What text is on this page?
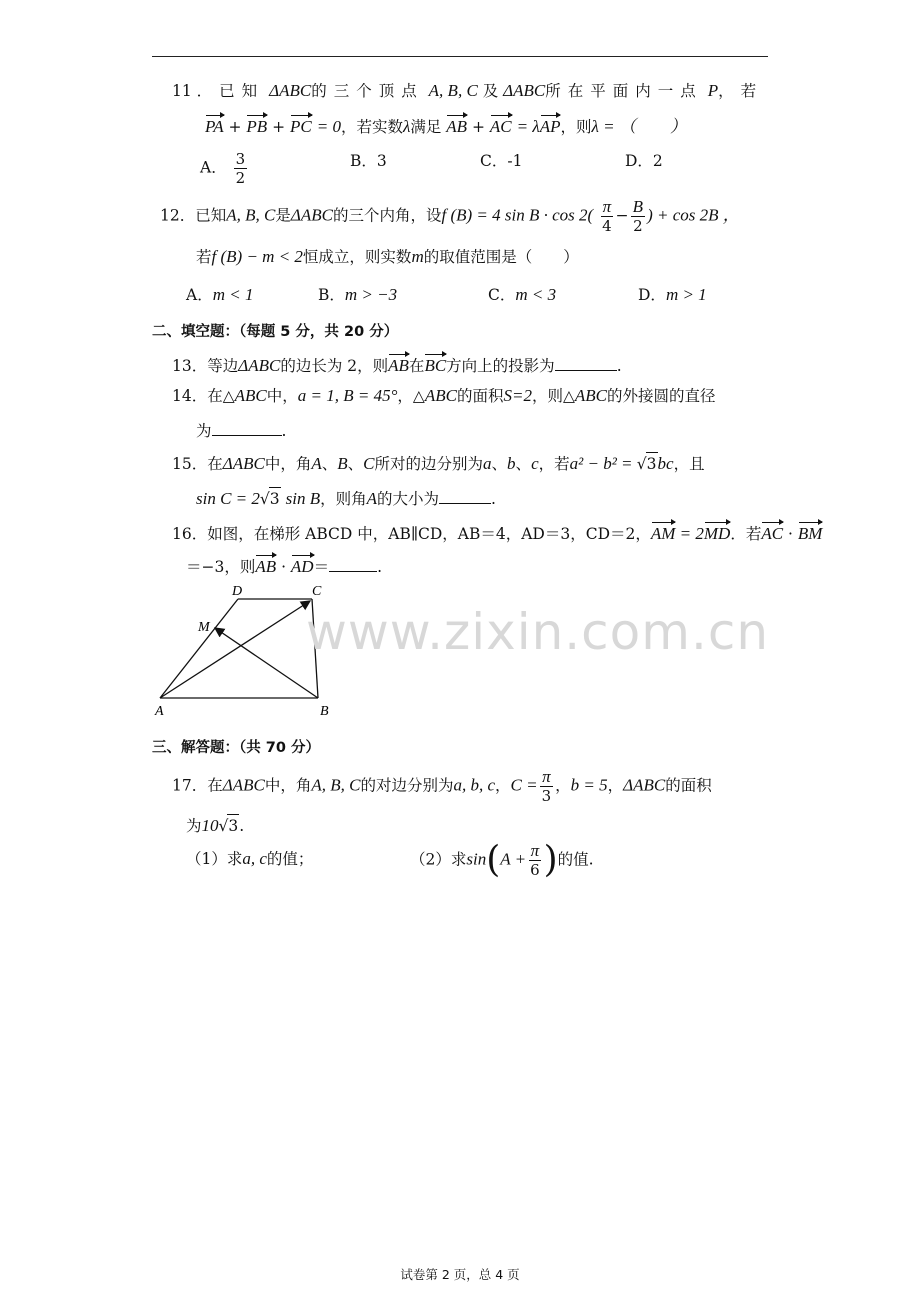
11 ．已知 ΔABC的三个顶点 A, B, C 及 ΔABC所在平面内一点 P，若
PA + PB + PC = 0，若实数λ满足 AB + AC = λAP，则λ = （　　）
A． $\frac{3}{2}$	B．3	C．-1	D．2
12．已知A, B, C是ΔABC的三个内角，设f (B) = 4 $\sin B \cdot \cos 2( \frac{\pi}{4} - \frac{B}{2}$ ) + cos 2B ，
若f (B) − m < 2恒成立，则实数m的取值范围是（　　）
A．m < 1	B．m > −3	C．m < 3	D．m > 1
二、填空题：（每题 5 分，共 20 分）
13．等边ΔABC的边长为 2，则AB在BC方向上的投影为	.
14．在△ABC中，a = 1, B = 45°，△ABC的面积S=2，则△ABC的外接圆的直径
为	.
15．在ΔABC中，角A、B、C所对的边分别为a、b、c，若a² − b² = √3bc，且
sin C = 2√3 sin B，则角A的大小为	.
16．如图，在梯形 ABCD 中，AB∥CD，AB＝4，AD＝3，CD＝2，AM = 2MD．若AC · BM
＝−3，则AB · AD＝	.
D	C
M
A	B
www.zixin.com.cn
三、解答题：（共 70 分）
17．在ΔABC中，角A, B, C的对边分别为a, b, c，$C = \frac{\pi}{3}$ ，b = 5，ΔABC的面积
为10√3.
（1）求a, c的值；	（2）求$\sin(A + \frac{\pi}{6}$ )的值.
试卷第 2 页，总 4 页
